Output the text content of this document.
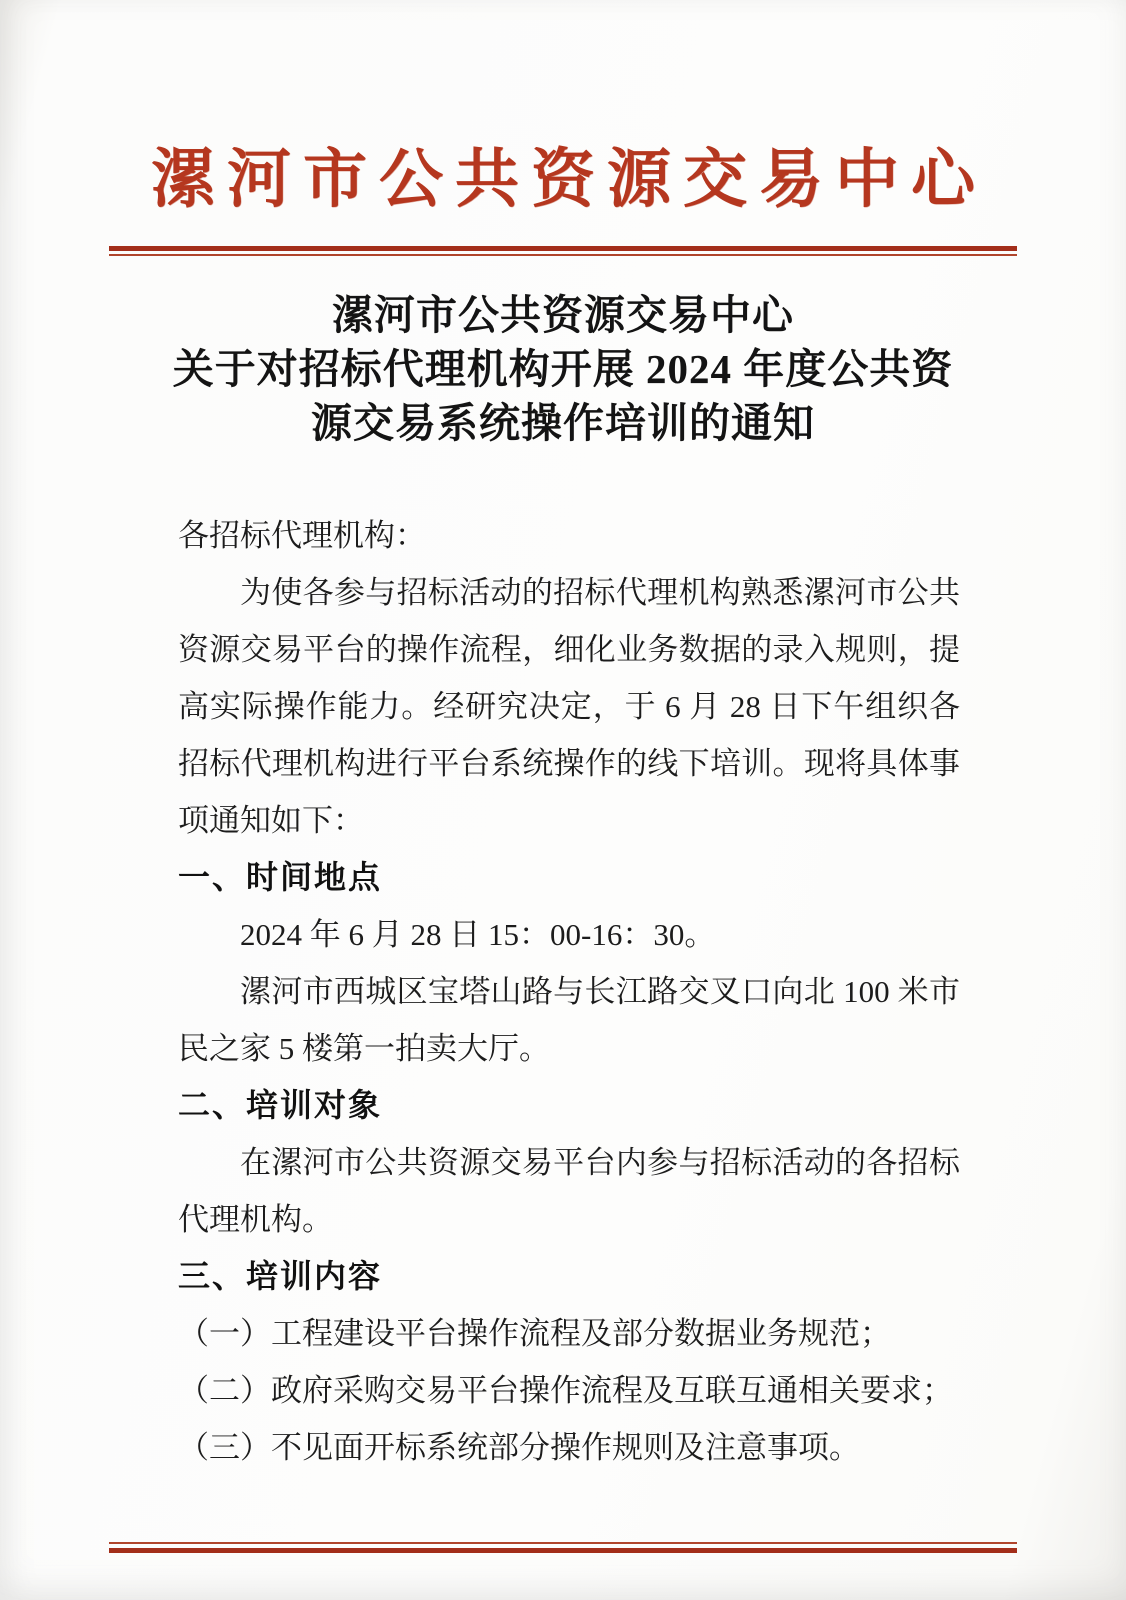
漯河市公共资源交易中心
漯河市公共资源交易中心
关于对招标代理机构开展 2024 年度公共资
源交易系统操作培训的通知

各招标代理机构：

为使各参与招标活动的招标代理机构熟悉漯河市公共资源交易平台的操作流程，细化业务数据的录入规则，提高实际操作能力。经研究决定，于 6 月 28 日下午组织各招标代理机构进行平台系统操作的线下培训。现将具体事项通知如下：

一、时间地点

2024 年 6 月 28 日 15：00-16：30。

漯河市西城区宝塔山路与长江路交叉口向北 100 米市民之家 5 楼第一拍卖大厅。

二、培训对象

在漯河市公共资源交易平台内参与招标活动的各招标代理机构。

三、培训内容

（一）工程建设平台操作流程及部分数据业务规范；

（二）政府采购交易平台操作流程及互联互通相关要求；

（三）不见面开标系统部分操作规则及注意事项。
